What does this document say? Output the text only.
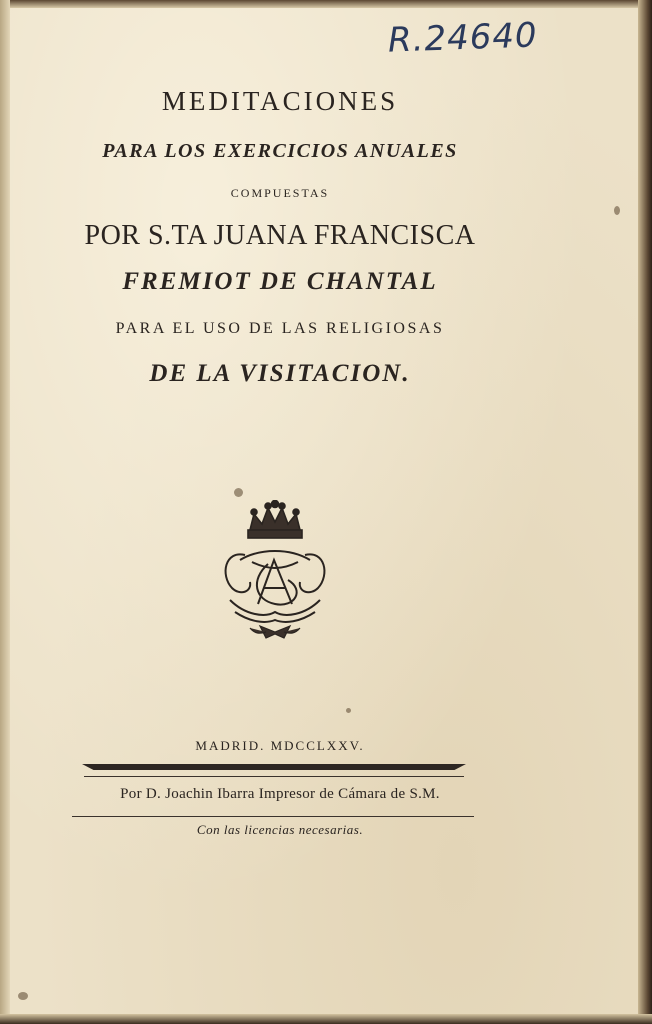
R.24640
MEDITACIONES
PARA LOS EXERCICIOS ANUALES
COMPUESTAS
POR S.TA JUANA FRANCISCA
FREMIOT DE CHANTAL
PARA EL USO DE LAS RELIGIOSAS
DE LA VISITACION.
MADRID. MDCCLXXV.
Por D. Joachin Ibarra Impresor de Cámara de S.M.
Con las licencias necesarias.
